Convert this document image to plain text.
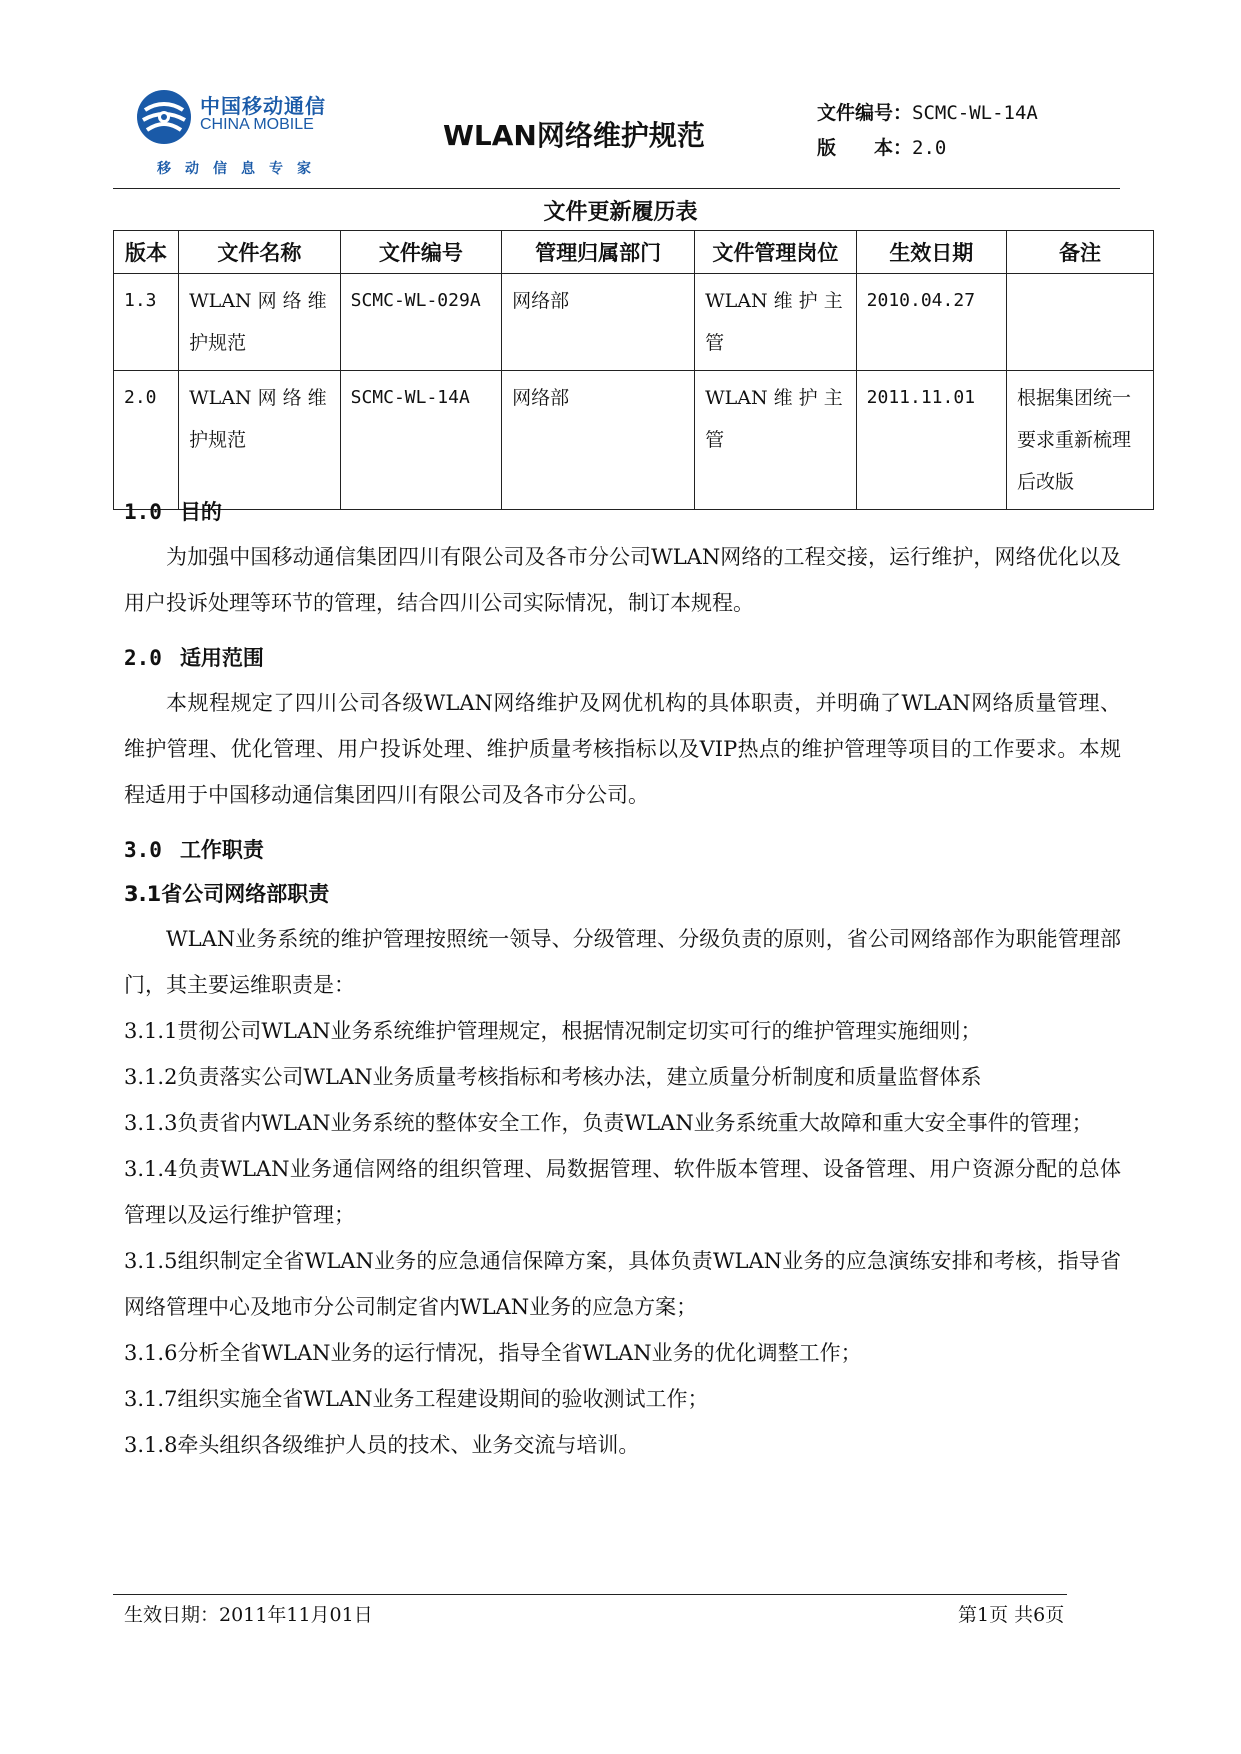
中国移动通信
CHINA MOBILE
移动信息专家
WLAN网络维护规范
文件编号：SCMC-WL-14A
版　　本：2.0
文件更新履历表
版本	文件名称	文件编号	管理归属部门	文件管理岗位	生效日期	备注
1.3	WLAN 网 络 维 护规范	SCMC-WL-029A	网络部	WLAN 维 护 主 管	2010.04.27	
2.0	WLAN 网 络 维 护规范	SCMC-WL-14A	网络部	WLAN 维 护 主 管	2011.11.01	根据集团统一要求重新梳理后改版

1.0 目的

为加强中国移动通信集团四川有限公司及各市分公司WLAN网络的工程交接，运行维护，网络优化以及用户投诉处理等环节的管理，结合四川公司实际情况，制订本规程。

2.0 适用范围

本规程规定了四川公司各级WLAN网络维护及网优机构的具体职责，并明确了WLAN网络质量管理、维护管理、优化管理、用户投诉处理、维护质量考核指标以及VIP热点的维护管理等项目的工作要求。本规程适用于中国移动通信集团四川有限公司及各市分公司。

3.0 工作职责

3.1省公司网络部职责

WLAN业务系统的维护管理按照统一领导、分级管理、分级负责的原则，省公司网络部作为职能管理部门，其主要运维职责是：

3.1.1贯彻公司WLAN业务系统维护管理规定，根据情况制定切实可行的维护管理实施细则；

3.1.2负责落实公司WLAN业务质量考核指标和考核办法，建立质量分析制度和质量监督体系

3.1.3负责省内WLAN业务系统的整体安全工作，负责WLAN业务系统重大故障和重大安全事件的管理；

3.1.4负责WLAN业务通信网络的组织管理、局数据管理、软件版本管理、设备管理、用户资源分配的总体管理以及运行维护管理；

3.1.5组织制定全省WLAN业务的应急通信保障方案，具体负责WLAN业务的应急演练安排和考核，指导省网络管理中心及地市分公司制定省内WLAN业务的应急方案；

3.1.6分析全省WLAN业务的运行情况，指导全省WLAN业务的优化调整工作；

3.1.7组织实施全省WLAN业务工程建设期间的验收测试工作；

3.1.8牵头组织各级维护人员的技术、业务交流与培训。

生效日期：2011年11月01日	第1页 共6页
